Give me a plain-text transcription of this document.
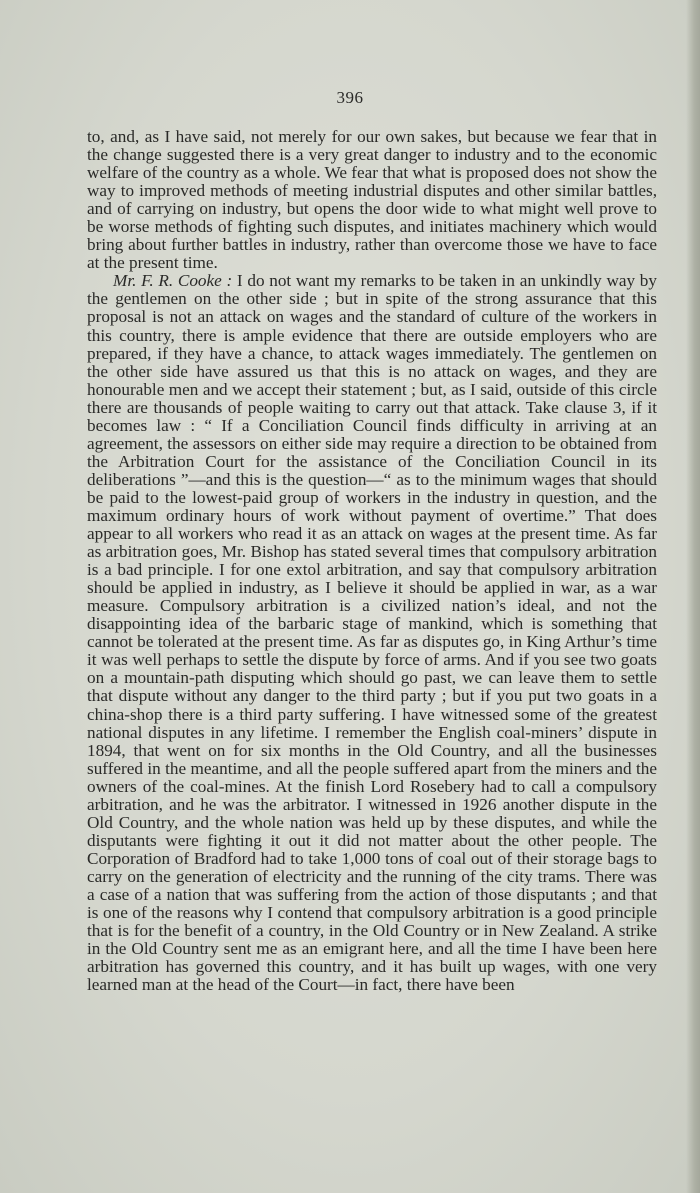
396

to, and, as I have said, not merely for our own sakes, but because we fear that in the change suggested there is a very great danger to industry and to the economic welfare of the country as a whole. We fear that what is proposed does not show the way to improved methods of meeting industrial disputes and other similar battles, and of carrying on industry, but opens the door wide to what might well prove to be worse methods of fighting such disputes, and initiates machinery which would bring about further battles in industry, rather than overcome those we have to face at the present time.

Mr. F. R. Cooke : I do not want my remarks to be taken in an unkindly way by the gentlemen on the other side ; but in spite of the strong assurance that this proposal is not an attack on wages and the standard of culture of the workers in this country, there is ample evidence that there are outside employers who are prepared, if they have a chance, to attack wages immediately. The gentlemen on the other side have assured us that this is no attack on wages, and they are honourable men and we accept their statement ; but, as I said, outside of this circle there are thousands of people waiting to carry out that attack. Take clause 3, if it becomes law : “ If a Conciliation Council finds difficulty in arriving at an agreement, the assessors on either side may require a direction to be obtained from the Arbitration Court for the assistance of the Conciliation Council in its deliberations ”—and this is the question—“ as to the minimum wages that should be paid to the lowest-paid group of workers in the industry in question, and the maximum ordinary hours of work without payment of overtime.” That does appear to all workers who read it as an attack on wages at the present time. As far as arbitration goes, Mr. Bishop has stated several times that compulsory arbitration is a bad principle. I for one extol arbitration, and say that compulsory arbitration should be applied in industry, as I believe it should be applied in war, as a war measure. Compulsory arbitration is a civilized nation’s ideal, and not the disappointing idea of the barbaric stage of mankind, which is something that cannot be tolerated at the present time. As far as disputes go, in King Arthur’s time it was well perhaps to settle the dispute by force of arms. And if you see two goats on a mountain-path disputing which should go past, we can leave them to settle that dispute without any danger to the third party ; but if you put two goats in a china-shop there is a third party suffering. I have witnessed some of the greatest national disputes in any lifetime. I remember the English coal-miners’ dispute in 1894, that went on for six months in the Old Country, and all the businesses suffered in the meantime, and all the people suffered apart from the miners and the owners of the coal-mines. At the finish Lord Rosebery had to call a compulsory arbitration, and he was the arbitrator. I witnessed in 1926 another dispute in the Old Country, and the whole nation was held up by these disputes, and while the disputants were fighting it out it did not matter about the other people. The Corporation of Bradford had to take 1,000 tons of coal out of their storage bags to carry on the generation of electricity and the running of the city trams. There was a case of a nation that was suffering from the action of those disputants ; and that is one of the reasons why I contend that compulsory arbitration is a good principle that is for the benefit of a country, in the Old Country or in New Zealand. A strike in the Old Country sent me as an emigrant here, and all the time I have been here arbitration has governed this country, and it has built up wages, with one very learned man at the head of the Court—in fact, there have been
